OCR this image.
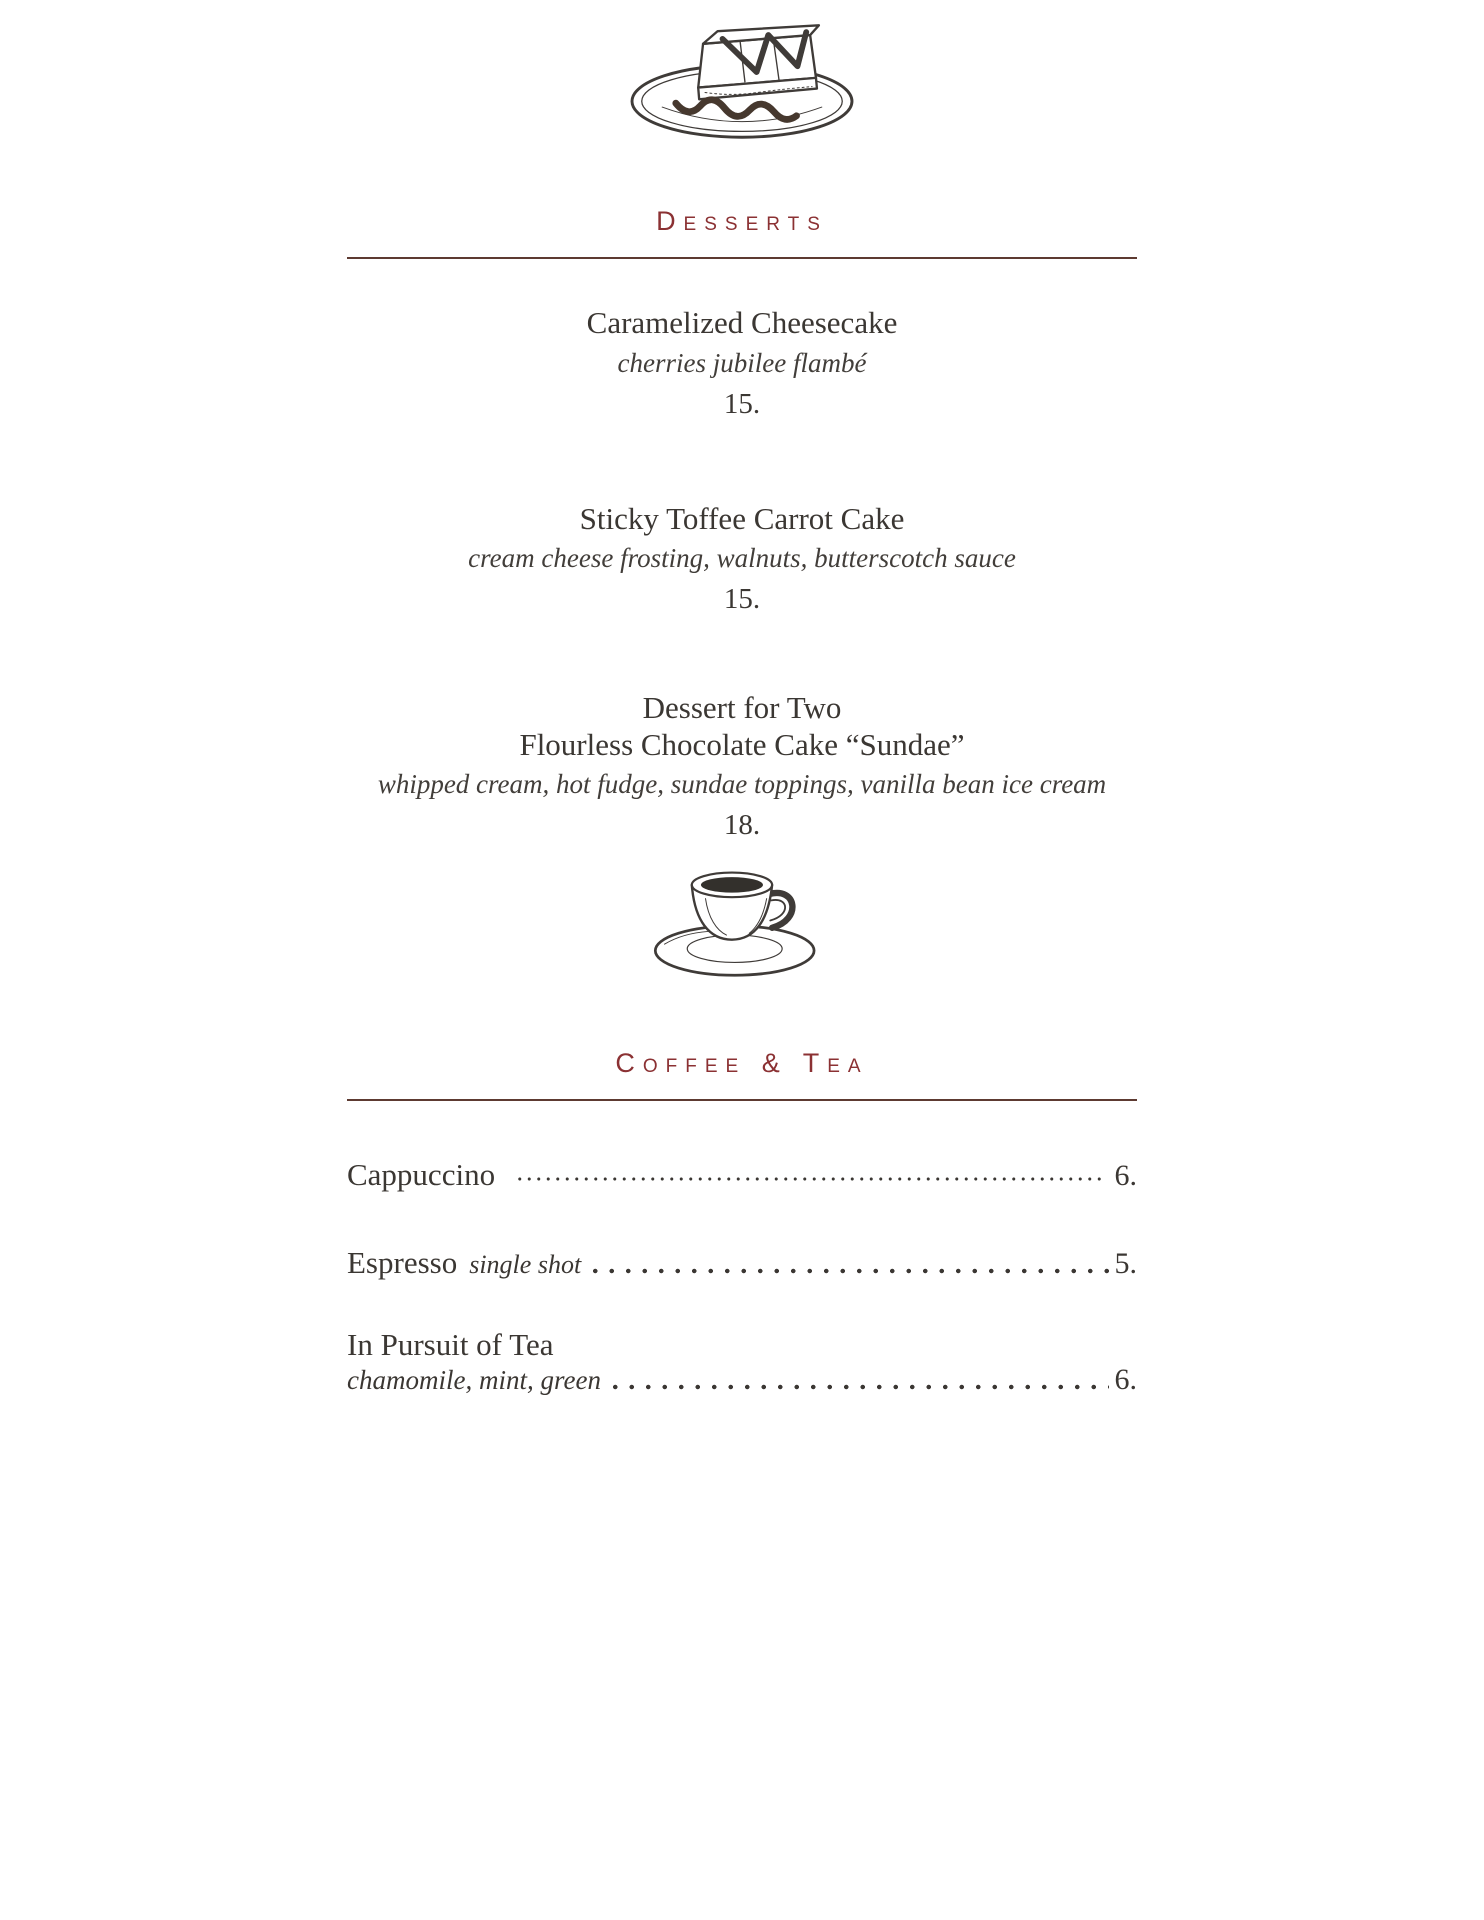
Desserts
Caramelized Cheesecake
cherries jubilee flambé
15.
Sticky Toffee Carrot Cake
cream cheese frosting, walnuts, butterscotch sauce
15.
Dessert for Two
Flourless Chocolate Cake “Sundae”
whipped cream, hot fudge, sundae toppings, vanilla bean ice cream
18.
Coffee & Tea
Cappuccino	6.
Espresso single shot	5.
In Pursuit of Tea
chamomile, mint, green	6.
